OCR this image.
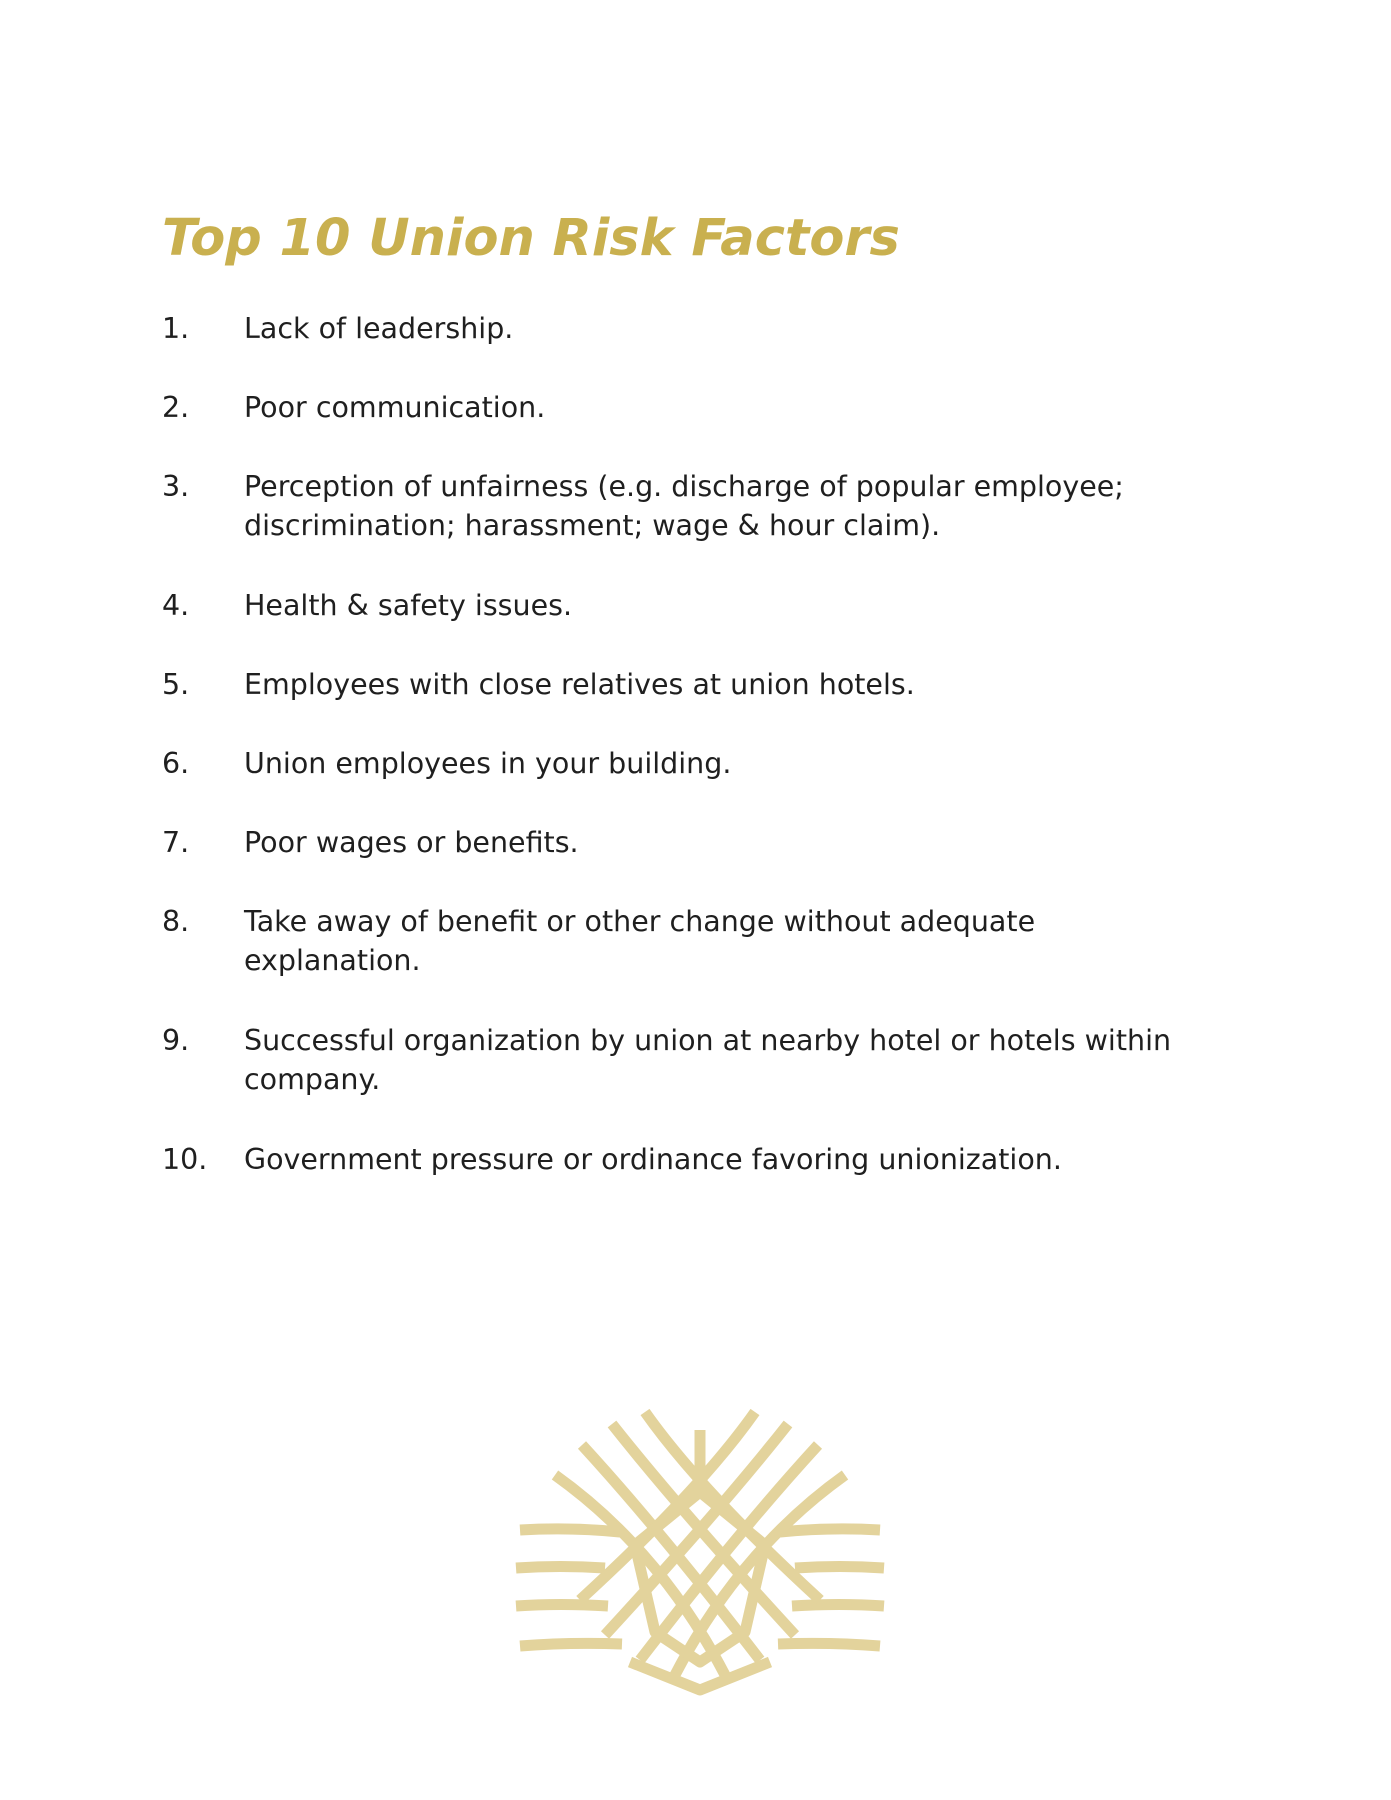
Top 10 Union Risk Factors
1.	Lack of leadership.
2.	Poor communication.
3.	Perception of unfairness (e.g. discharge of popular employee;
discrimination; harassment; wage & hour claim).
4.	Health & safety issues.
5.	Employees with close relatives at union hotels.
6.	Union employees in your building.
7.	Poor wages or benefits.
8.	Take away of benefit or other change without adequate
explanation.
9.	Successful organization by union at nearby hotel or hotels within
company.
10.	Government pressure or ordinance favoring unionization.
